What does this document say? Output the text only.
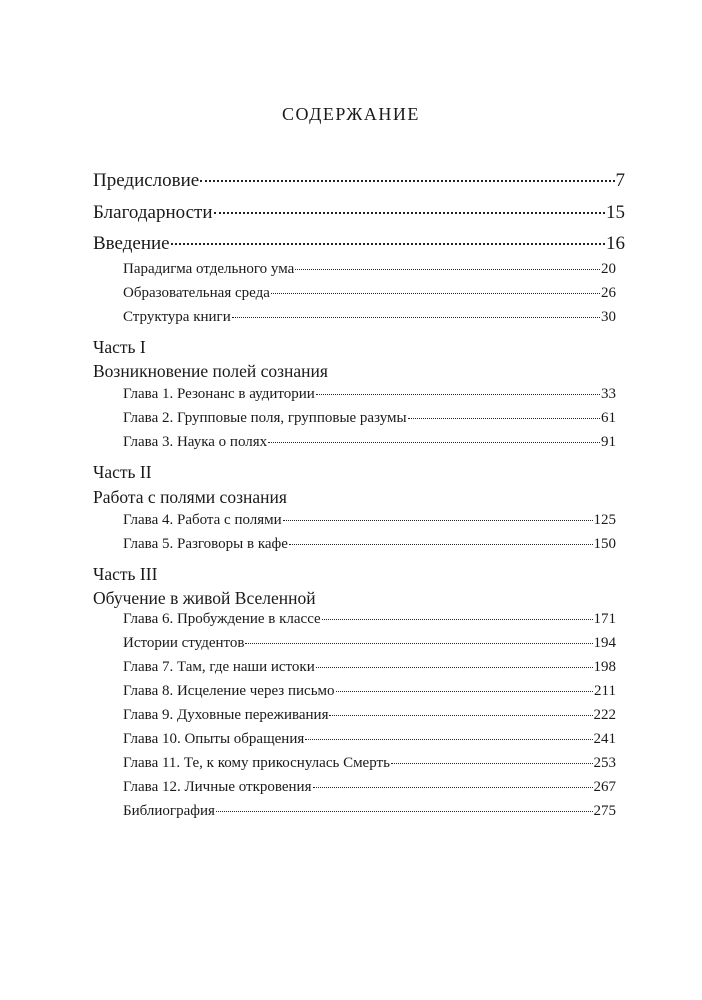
СОДЕРЖАНИЕ
Предисловие	7
Благодарности	15
Введение	16
Парадигма отдельного ума	20
Образовательная среда	26
Структура книги	30
Часть I
Возникновение полей сознания
Глава 1. Резонанс в аудитории	33
Глава 2. Групповые поля, групповые разумы	61
Глава 3. Наука о полях	91
Часть II
Работа с полями сознания
Глава 4. Работа с полями	125
Глава 5. Разговоры в кафе	150
Часть III
Обучение в живой Вселенной
Глава 6. Пробуждение в классе	171
Истории студентов	194
Глава 7. Там, где наши истоки	198
Глава 8. Исцеление через письмо	211
Глава 9. Духовные переживания	222
Глава 10. Опыты обращения	241
Глава 11. Те, к кому прикоснулась Смерть	253
Глава 12. Личные откровения	267
Библиография	275
